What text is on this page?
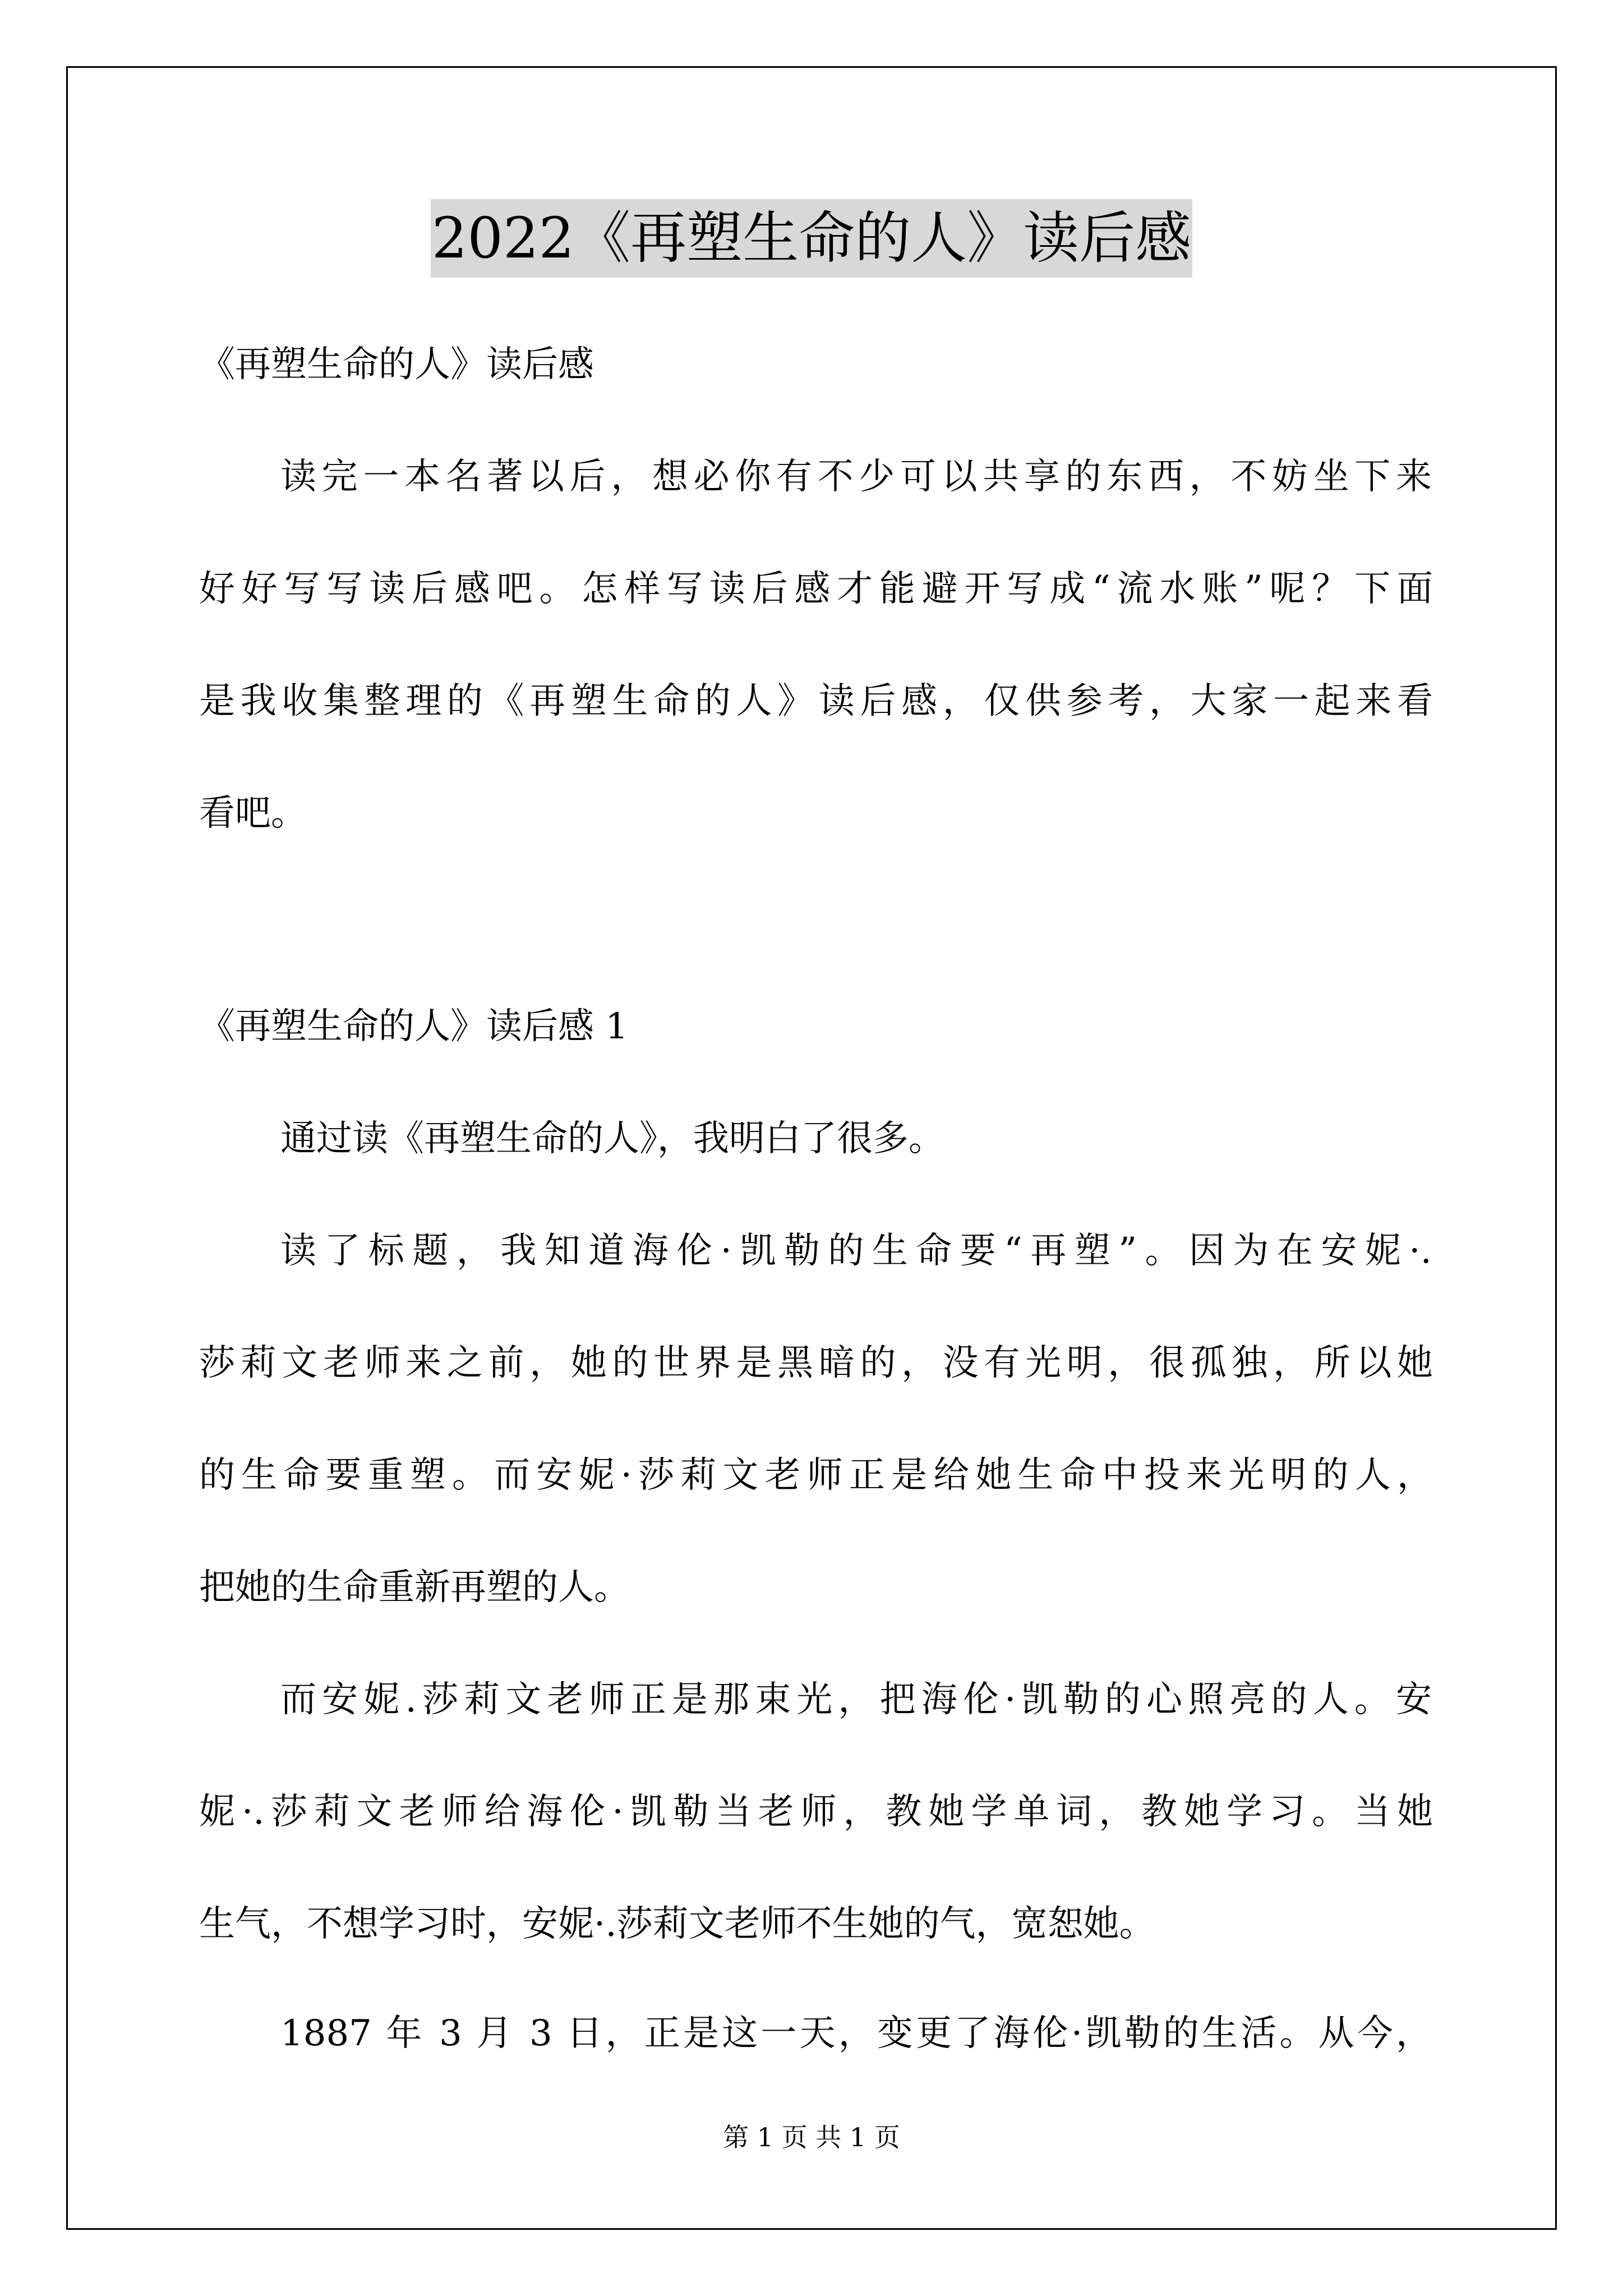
2022《再塑生命的人》读后感
《再塑生命的人》读后感
读完一本名著以后，想必你有不少可以共享的东西，不妨坐下来
好好写写读后感吧。怎样写读后感才能避开写成“流水账”呢？下面
是我收集整理的《再塑生命的人》读后感，仅供参考，大家一起来看
看吧。
《再塑生命的人》读后感 1
通过读《再塑生命的人》，我明白了很多。
读了标题，我知道海伦·凯勒的生命要“再塑”。因为在安妮·.
莎莉文老师来之前，她的世界是黑暗的，没有光明，很孤独，所以她
的生命要重塑。而安妮·莎莉文老师正是给她生命中投来光明的人，
把她的生命重新再塑的人。
而安妮.莎莉文老师正是那束光，把海伦·凯勒的心照亮的人。安
妮·.莎莉文老师给海伦·凯勒当老师，教她学单词，教她学习。当她
生气，不想学习时，安妮·.莎莉文老师不生她的气，宽恕她。
1887 年 3 月 3 日，正是这一天，变更了海伦·凯勒的生活。从今，
第 1 页 共 1 页
